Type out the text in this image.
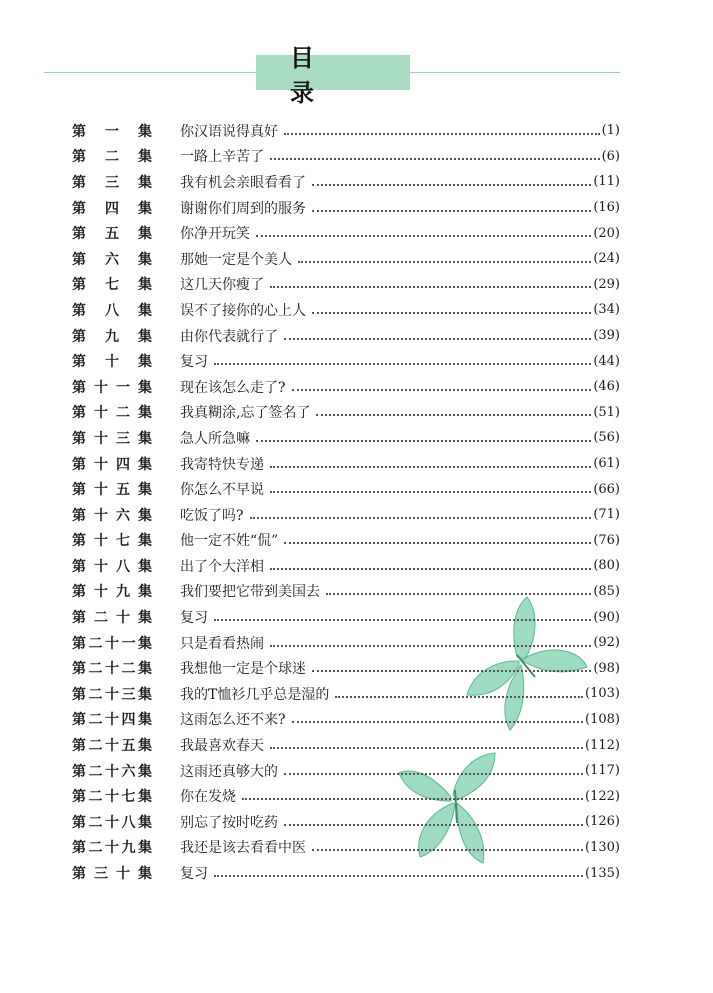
目　录
第 一 集 你汉语说得真好	(1)
第 二 集 一路上辛苦了	(6)
第 三 集 我有机会亲眼看看了	(11)
第 四 集 谢谢你们周到的服务	(16)
第 五 集 你净开玩笑	(20)
第 六 集 那她一定是个美人	(24)
第 七 集 这几天你瘦了	(29)
第 八 集 误不了接你的心上人	(34)
第 九 集 由你代表就行了	(39)
第 十 集 复习	(44)
第 十 一 集 现在该怎么走了?	(46)
第 十 二 集 我真糊涂,忘了签名了	(51)
第 十 三 集 急人所急嘛	(56)
第 十 四 集 我寄特快专递	(61)
第 十 五 集 你怎么不早说	(66)
第 十 六 集 吃饭了吗?	(71)
第 十 七 集 他一定不姓“侃”	(76)
第 十 八 集 出了个大洋相	(80)
第 十 九 集 我们要把它带到美国去	(85)
第 二 十 集 复习	(90)
第 二 十 一 集 只是看看热闹	(92)
第 二 十 二 集 我想他一定是个球迷	(98)
第 二 十 三 集 我的T恤衫几乎总是湿的	(103)
第 二 十 四 集 这雨怎么还不来?	(108)
第 二 十 五 集 我最喜欢春天	(112)
第 二 十 六 集 这雨还真够大的	(117)
第 二 十 七 集 你在发烧	(122)
第 二 十 八 集 别忘了按时吃药	(126)
第 二 十 九 集 我还是该去看看中医	(130)
第 三 十 集 复习	(135)
